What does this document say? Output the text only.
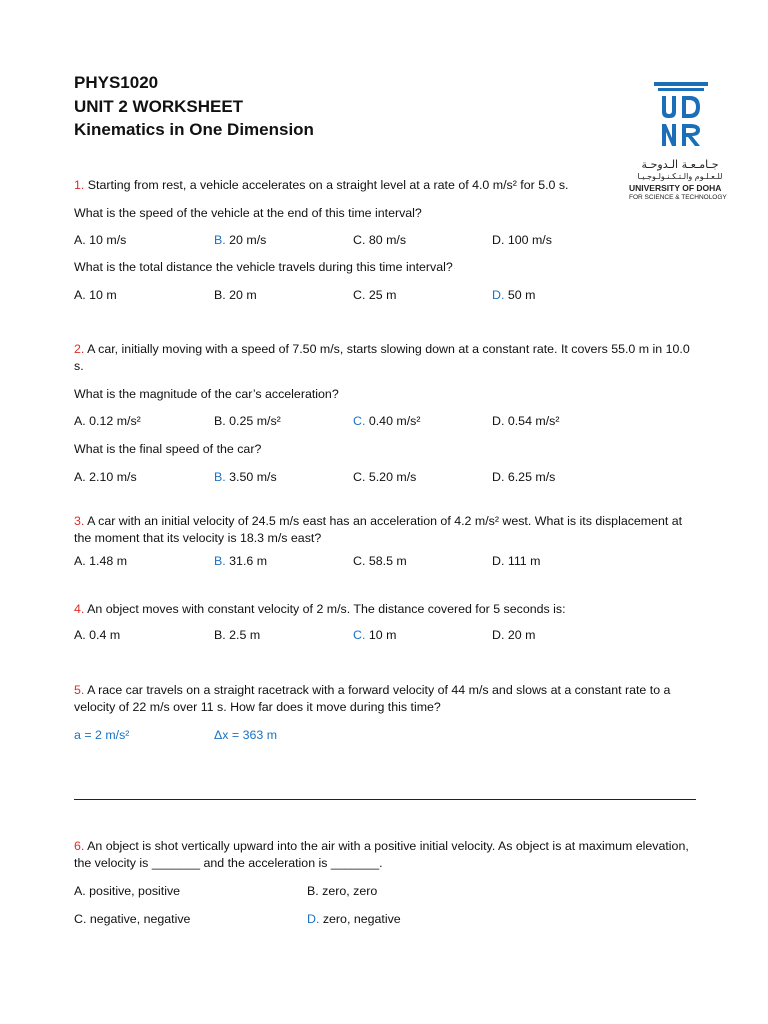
PHYS1020
UNIT 2 WORKSHEET
Kinematics in One Dimension
جـامـعـة الـدوحـة
للـعـلـوم والـتـكـنـولـوجـيـا
UNIVERSITY OF DOHA
FOR SCIENCE & TECHNOLOGY
1. Starting from rest, a vehicle accelerates on a straight level at a rate of 4.0 m/s² for 5.0 s.
What is the speed of the vehicle at the end of this time interval?
A. 10 m/s	B. 20 m/s	C. 80 m/s	D. 100 m/s
What is the total distance the vehicle travels during this time interval?
A. 10 m	B. 20 m	C. 25 m	D. 50 m
2. A car, initially moving with a speed of 7.50 m/s, starts slowing down at a constant rate. It covers 55.0 m in 10.0 s.
What is the magnitude of the car’s acceleration?
A. 0.12 m/s²	B. 0.25 m/s²	C. 0.40 m/s²	D. 0.54 m/s²
What is the final speed of the car?
A. 2.10 m/s	B. 3.50 m/s	C. 5.20 m/s	D. 6.25 m/s
3. A car with an initial velocity of 24.5 m/s east has an acceleration of 4.2 m/s² west. What is its displacement at the moment that its velocity is 18.3 m/s east?
A. 1.48 m	B. 31.6 m	C. 58.5 m	D. 111 m
4. An object moves with constant velocity of 2 m/s. The distance covered for 5 seconds is:
A. 0.4 m	B. 2.5 m	C. 10 m	D. 20 m
5. A race car travels on a straight racetrack with a forward velocity of 44 m/s and slows at a constant rate to a velocity of 22 m/s over 11 s. How far does it move during this time?
a = 2 m/s²	Δx = 363 m
6. An object is shot vertically upward into the air with a positive initial velocity. As object is at maximum elevation, the velocity is _______ and the acceleration is _______.
A. positive, positive	B. zero, zero
C. negative, negative	D. zero, negative
